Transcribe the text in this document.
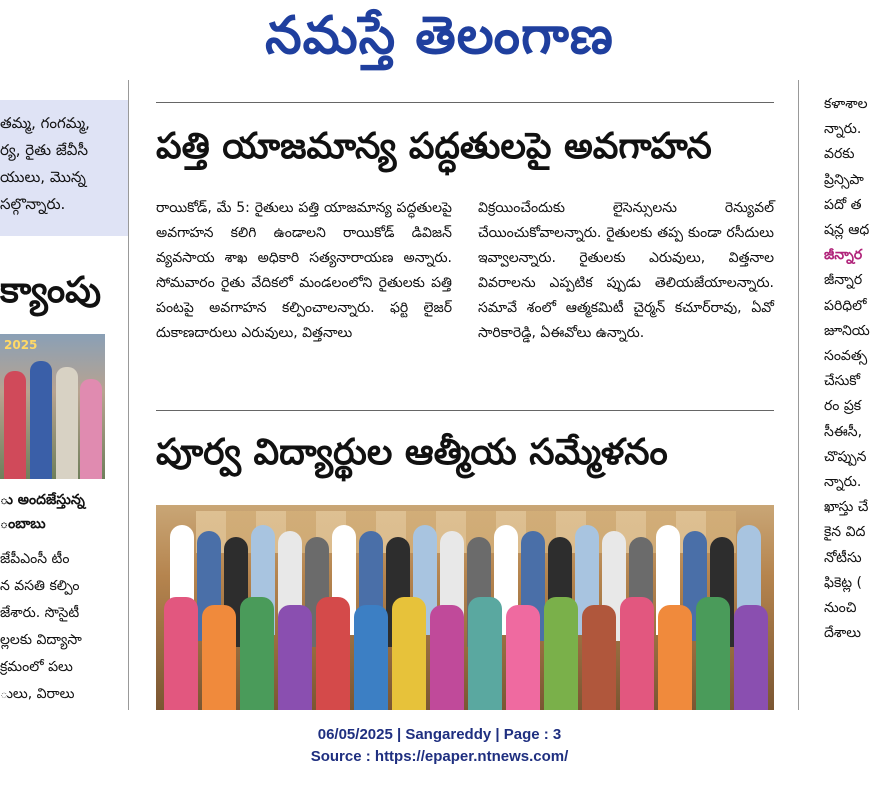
నమస్తే తెలంగాణ
తమ్మ, గంగమ్మ,
ర్య, రైతు జేవీసీ
యులు, మొన్న
సల్గొన్నారు.
క్యాంపు
2025
ు అందజేస్తున్న
ంబాబు
జేపీఎంసీ టీం
న వసతి కల్పిం
జేశారు. సొసైటీ
ల్లలకు విద్యాసా
క్రమంలో పలు
ులు, విరాలు
పత్తి యాజమాన్య పద్ధతులపై అవగాహన
రాయికోడ్, మే 5: రైతులు పత్తి యాజమాన్య పద్ధతులపై అవగాహన కలిగి ఉండాలని రాయికోడ్ డివిజన్ వ్యవసాయ శాఖ అధికారి సత్యనారాయణ అన్నారు. సోమవారం రైతు వేదికలో మండలంలోని రైతులకు పత్తి పంటపై అవగాహన కల్పించాలన్నారు. ఫర్టి లైజర్ దుకాణదారులు ఎరువులు, విత్తనాలు
విక్రయించేందుకు లైసెన్సులను రెన్యువల్ చేయించుకోవాలన్నారు. రైతులకు తప్ప కుండా రసీదులు ఇవ్వాలన్నారు. రైతులకు ఎరువులు, విత్తనాల వివరాలను ఎప్పటిక ప్పుడు తెలియజేయాలన్నారు. సమావే శంలో ఆత్మకమిటీ చైర్మన్ కచూర్‌రావు, ఏవో సారికారెడ్డి, ఏఈవోలు ఉన్నారు.
పూర్వ విద్యార్థుల ఆత్మీయ సమ్మేళనం
కళాశాల
న్నారు.
వరకు
ప్రిన్సిపా
పదో త
షన్ల ఆధ
జీన్నార
జీన్నార
పరిధిలో
జూనియ
సంవత్స
చేసుకో
రం ప్రక
సీఈసీ,
చొప్పున
న్నారు.
ఖాస్తు చే
కైన విద
నోటీసు
ఫికెట్ల (
నుంచి
దేశాలు
06/05/2025 | Sangareddy | Page : 3
Source : https://epaper.ntnews.com/
